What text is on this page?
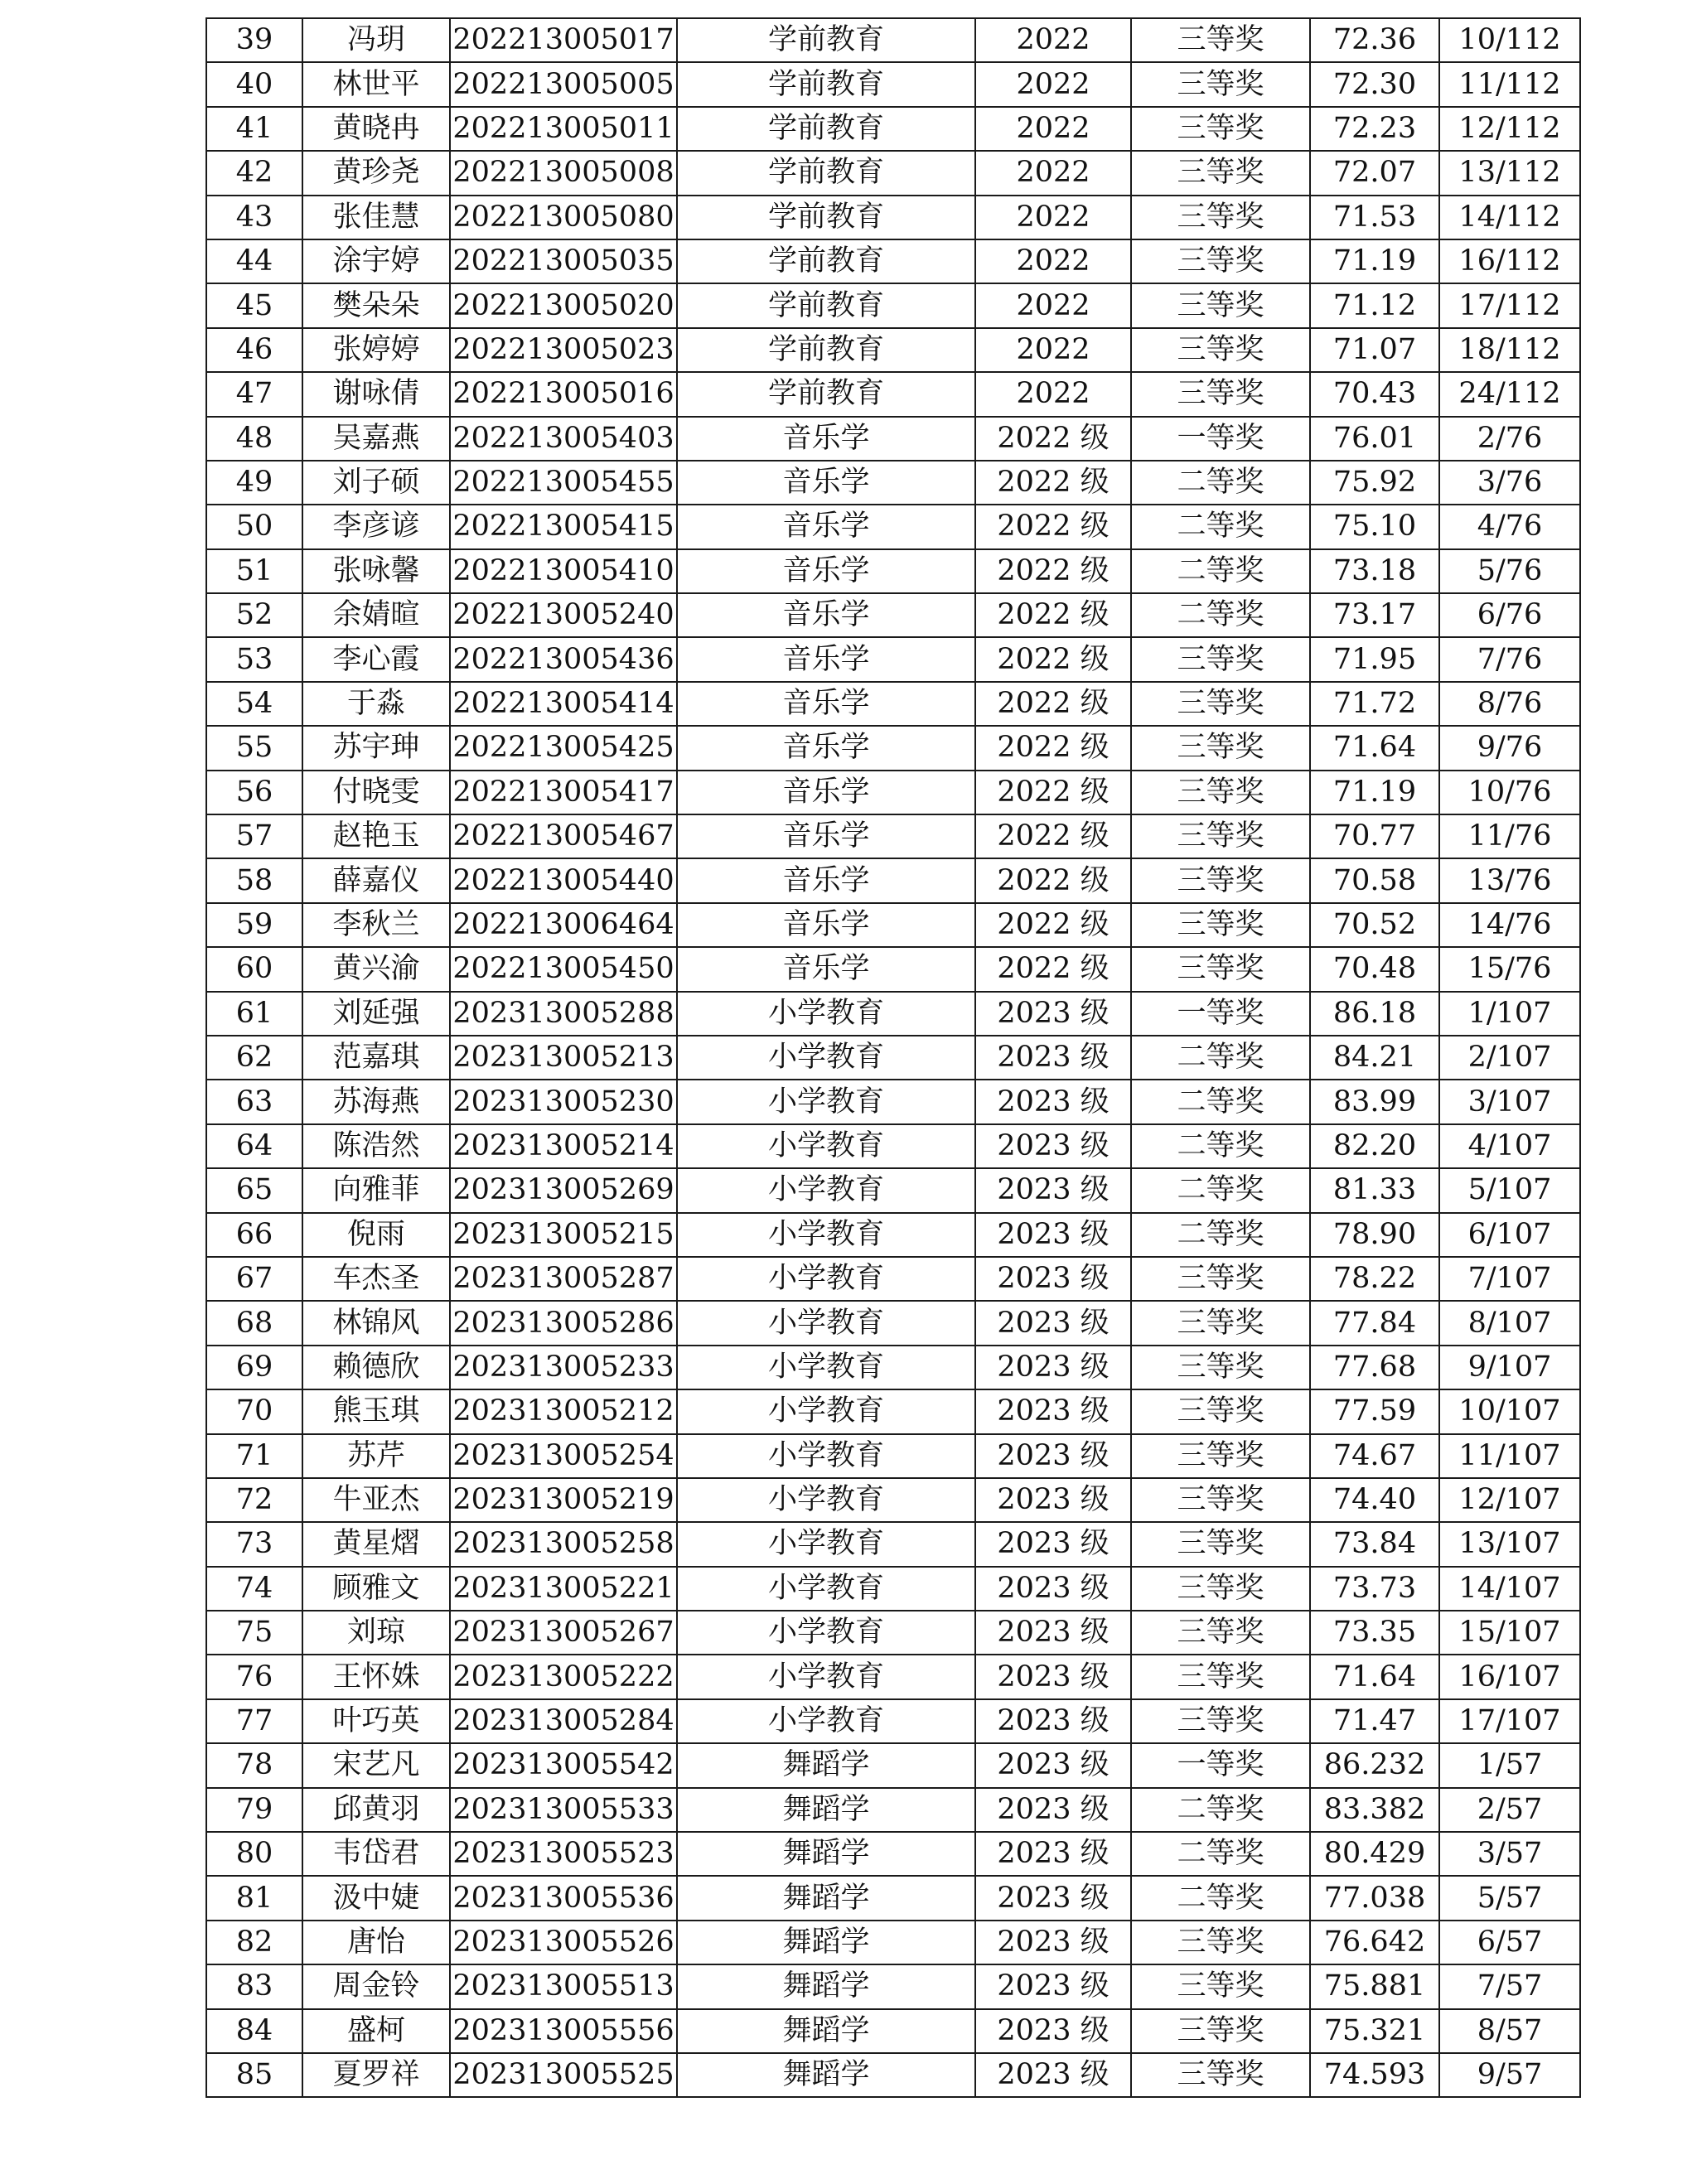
39	冯玥	202213005017	学前教育	2022	三等奖	72.36	10/112
40	林世平	202213005005	学前教育	2022	三等奖	72.30	11/112
41	黄晓冉	202213005011	学前教育	2022	三等奖	72.23	12/112
42	黄珍尧	202213005008	学前教育	2022	三等奖	72.07	13/112
43	张佳慧	202213005080	学前教育	2022	三等奖	71.53	14/112
44	涂宇婷	202213005035	学前教育	2022	三等奖	71.19	16/112
45	樊朵朵	202213005020	学前教育	2022	三等奖	71.12	17/112
46	张婷婷	202213005023	学前教育	2022	三等奖	71.07	18/112
47	谢咏倩	202213005016	学前教育	2022	三等奖	70.43	24/112
48	吴嘉燕	202213005403	音乐学	2022 级	一等奖	76.01	2/76
49	刘子硕	202213005455	音乐学	2022 级	二等奖	75.92	3/76
50	李彦谚	202213005415	音乐学	2022 级	二等奖	75.10	4/76
51	张咏馨	202213005410	音乐学	2022 级	二等奖	73.18	5/76
52	余婧暄	202213005240	音乐学	2022 级	二等奖	73.17	6/76
53	李心霞	202213005436	音乐学	2022 级	三等奖	71.95	7/76
54	于淼	202213005414	音乐学	2022 级	三等奖	71.72	8/76
55	苏宇珅	202213005425	音乐学	2022 级	三等奖	71.64	9/76
56	付晓雯	202213005417	音乐学	2022 级	三等奖	71.19	10/76
57	赵艳玉	202213005467	音乐学	2022 级	三等奖	70.77	11/76
58	薛嘉仪	202213005440	音乐学	2022 级	三等奖	70.58	13/76
59	李秋兰	202213006464	音乐学	2022 级	三等奖	70.52	14/76
60	黄兴渝	202213005450	音乐学	2022 级	三等奖	70.48	15/76
61	刘延强	202313005288	小学教育	2023 级	一等奖	86.18	1/107
62	范嘉琪	202313005213	小学教育	2023 级	二等奖	84.21	2/107
63	苏海燕	202313005230	小学教育	2023 级	二等奖	83.99	3/107
64	陈浩然	202313005214	小学教育	2023 级	二等奖	82.20	4/107
65	向雅菲	202313005269	小学教育	2023 级	二等奖	81.33	5/107
66	倪雨	202313005215	小学教育	2023 级	二等奖	78.90	6/107
67	车杰圣	202313005287	小学教育	2023 级	三等奖	78.22	7/107
68	林锦风	202313005286	小学教育	2023 级	三等奖	77.84	8/107
69	赖德欣	202313005233	小学教育	2023 级	三等奖	77.68	9/107
70	熊玉琪	202313005212	小学教育	2023 级	三等奖	77.59	10/107
71	苏芹	202313005254	小学教育	2023 级	三等奖	74.67	11/107
72	牛亚杰	202313005219	小学教育	2023 级	三等奖	74.40	12/107
73	黄星熠	202313005258	小学教育	2023 级	三等奖	73.84	13/107
74	顾雅文	202313005221	小学教育	2023 级	三等奖	73.73	14/107
75	刘琼	202313005267	小学教育	2023 级	三等奖	73.35	15/107
76	王怀姝	202313005222	小学教育	2023 级	三等奖	71.64	16/107
77	叶巧英	202313005284	小学教育	2023 级	三等奖	71.47	17/107
78	宋艺凡	202313005542	舞蹈学	2023 级	一等奖	86.232	1/57
79	邱黄羽	202313005533	舞蹈学	2023 级	二等奖	83.382	2/57
80	韦岱君	202313005523	舞蹈学	2023 级	二等奖	80.429	3/57
81	汲中婕	202313005536	舞蹈学	2023 级	二等奖	77.038	5/57
82	唐怡	202313005526	舞蹈学	2023 级	三等奖	76.642	6/57
83	周金铃	202313005513	舞蹈学	2023 级	三等奖	75.881	7/57
84	盛柯	202313005556	舞蹈学	2023 级	三等奖	75.321	8/57
85	夏罗祥	202313005525	舞蹈学	2023 级	三等奖	74.593	9/57
